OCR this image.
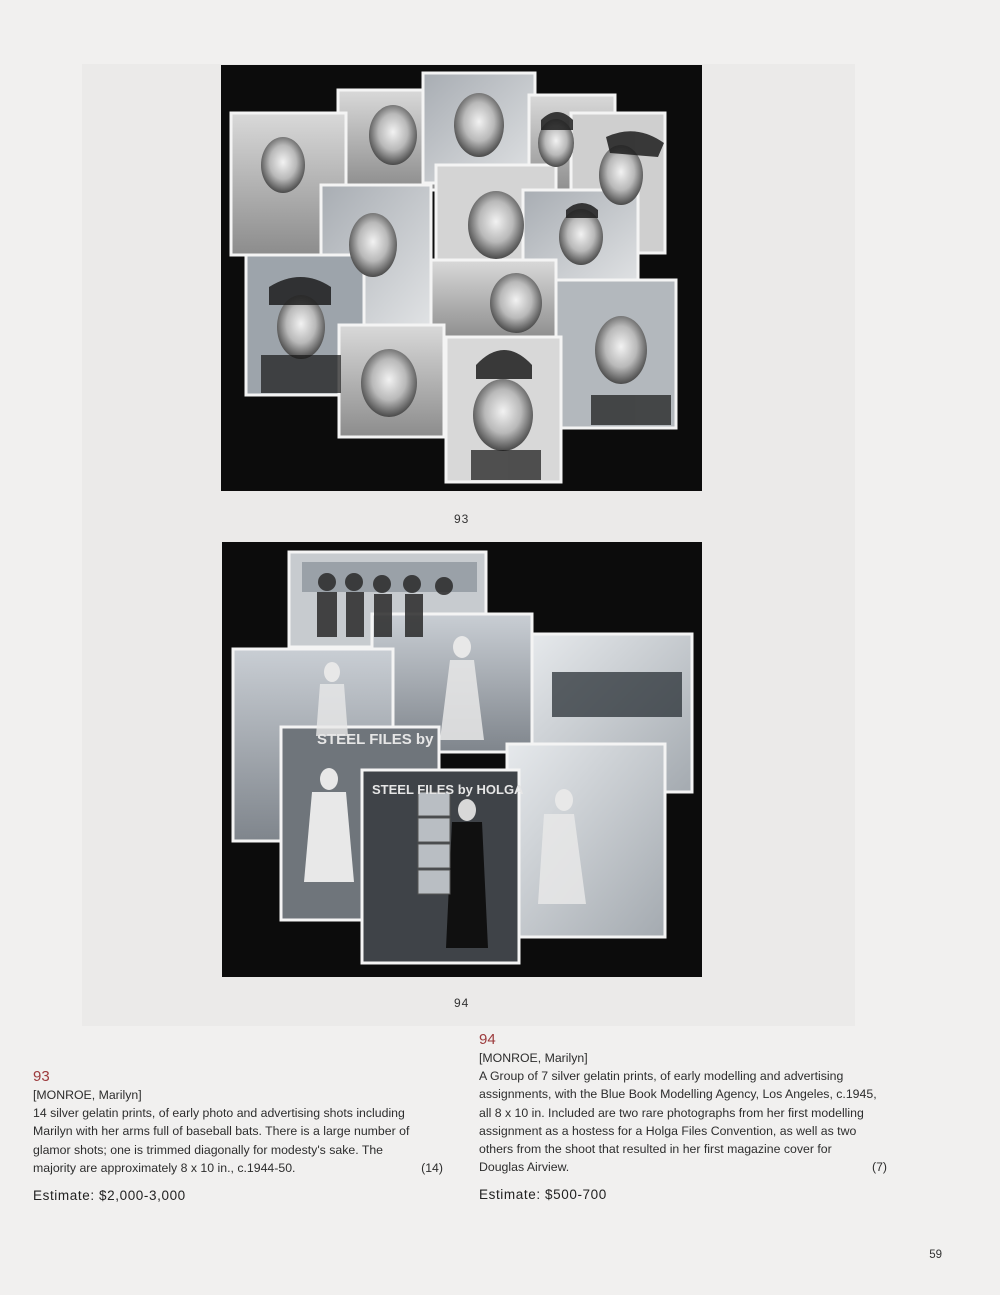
93
STEEL FILES by
STEEL FILES by HOLGA
94
93
[MONROE, Marilyn]
14 silver gelatin prints, of early photo and advertising shots including
Marilyn with her arms full of baseball bats. There is a large number of
glamor shots; one is trimmed diagonally for modesty's sake. The
(14)
majority are approximately 8 x 10 in., c.1944-50.
Estimate: $2,000-3,000
94
[MONROE, Marilyn]
A Group of 7 silver gelatin prints, of early modelling and advertising
assignments, with the Blue Book Modelling Agency, Los Angeles, c.1945,
all 8 x 10 in. Included are two rare photographs from her first modelling
assignment as a hostess for a Holga Files Convention, as well as two
others from the shoot that resulted in her first magazine cover for
(7)
Douglas Airview.
Estimate: $500-700
59
